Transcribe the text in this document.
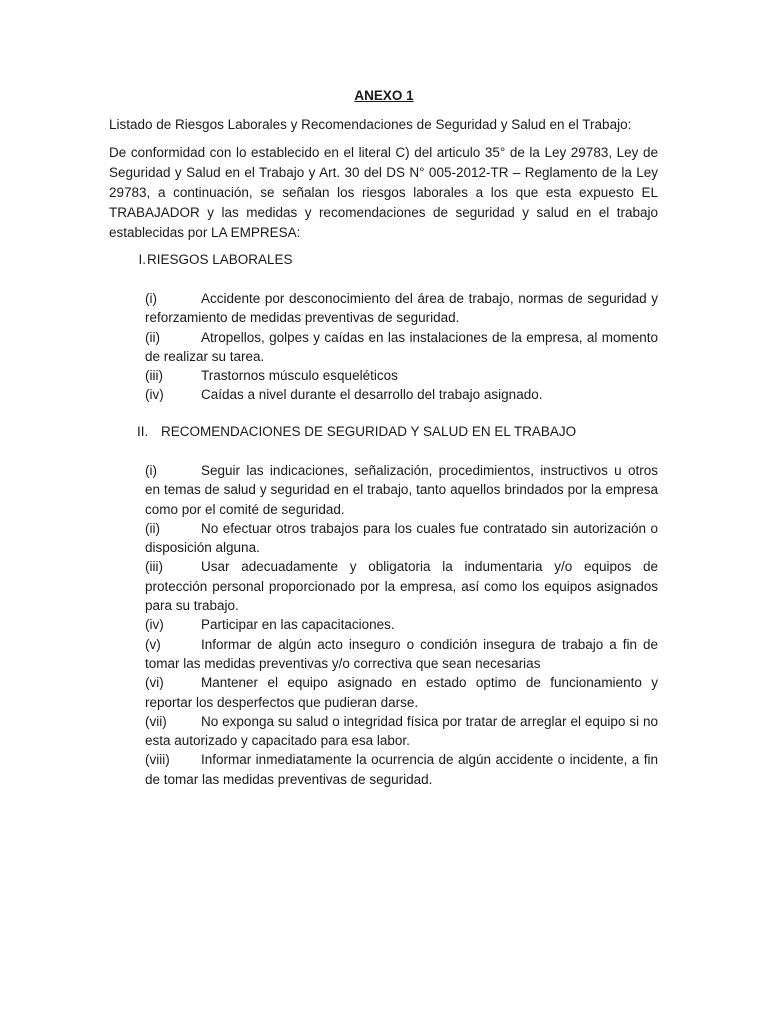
ANEXO 1

Listado de Riesgos Laborales y Recomendaciones de Seguridad y Salud en el Trabajo:

De conformidad con lo establecido en el literal C) del articulo 35° de la Ley 29783, Ley de Seguridad y Salud en el Trabajo y Art. 30 del DS N° 005-2012-TR – Reglamento de la Ley 29783, a continuación, se señalan los riesgos laborales a los que esta expuesto EL TRABAJADOR y las medidas y recomendaciones de seguridad y salud en el trabajo establecidas por LA EMPRESA:

I.RIESGOS LABORALES

(i)	Accidente por desconocimiento del área de trabajo, normas de seguridad y reforzamiento de medidas preventivas de seguridad.
(ii)	Atropellos, golpes y caídas en las instalaciones de la empresa, al momento de realizar su tarea.
(iii)	Trastornos músculo esqueléticos
(iv)	Caídas a nivel durante el desarrollo del trabajo asignado.

II. RECOMENDACIONES DE SEGURIDAD Y SALUD EN EL TRABAJO

(i)	Seguir las indicaciones, señalización, procedimientos, instructivos u otros en temas de salud y seguridad en el trabajo, tanto aquellos brindados por la empresa como por el comité de seguridad.
(ii)	No efectuar otros trabajos para los cuales fue contratado sin autorización o disposición alguna.
(iii)	Usar adecuadamente y obligatoria la indumentaria y/o equipos de protección personal proporcionado por la empresa, así como los equipos asignados para su trabajo.
(iv)	Participar en las capacitaciones.
(v)	Informar de algún acto inseguro o condición insegura de trabajo a fin de tomar las medidas preventivas y/o correctiva que sean necesarias
(vi)	Mantener el equipo asignado en estado optimo de funcionamiento y reportar los desperfectos que pudieran darse.
(vii)	No exponga su salud o integridad física por tratar de arreglar el equipo si no esta autorizado y capacitado para esa labor.
(viii) Informar inmediatamente la ocurrencia de algún accidente o incidente, a fin de tomar las medidas preventivas de seguridad.
